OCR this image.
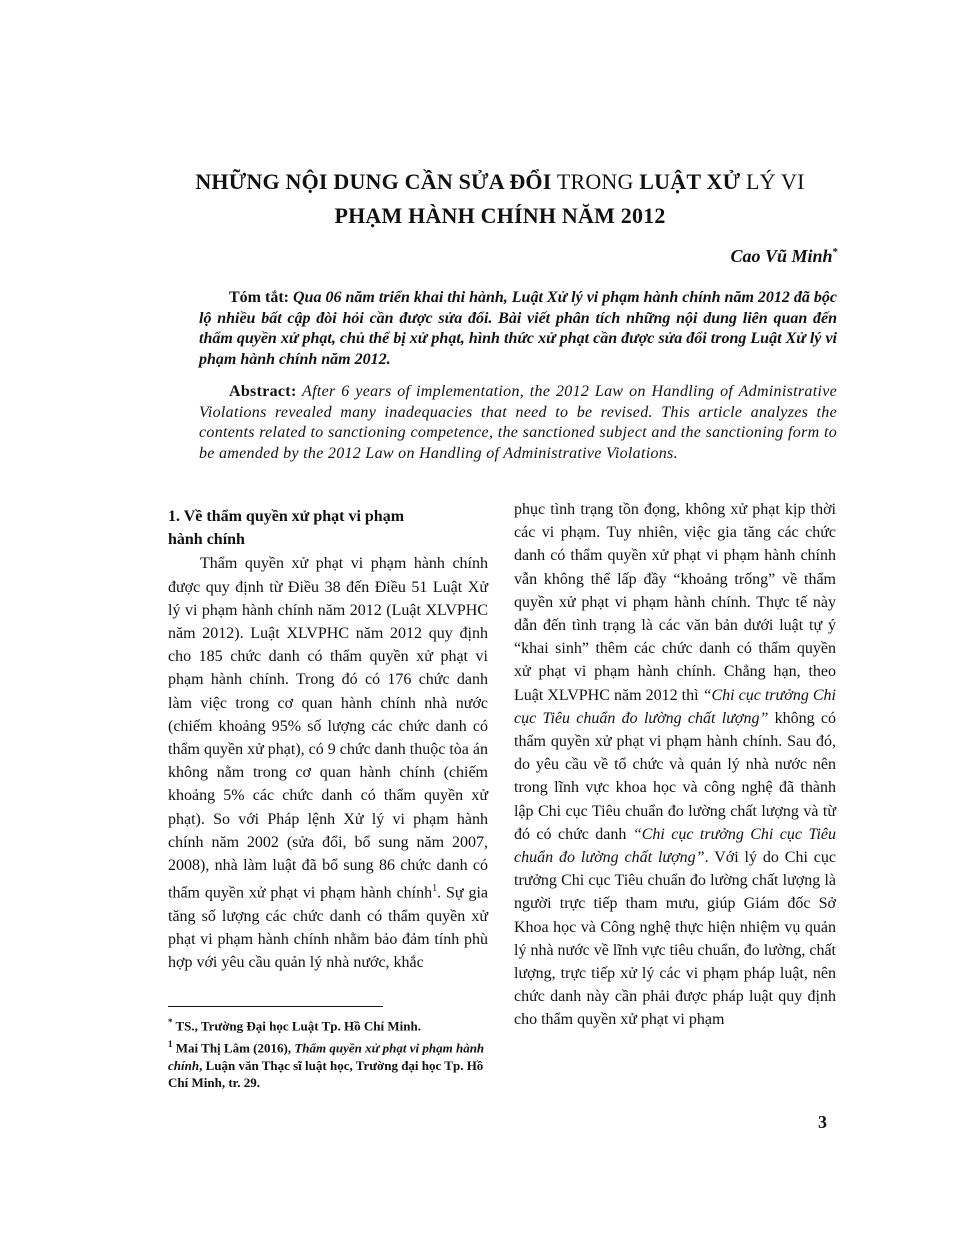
NHỮNG NỘI DUNG CẦN SỬA ĐỔI TRONG LUẬT XỬ LÝ VI
PHẠM HÀNH CHÍNH NĂM 2012
Cao Vũ Minh*
Tóm tắt: Qua 06 năm triển khai thi hành, Luật Xử lý vi phạm hành chính năm 2012 đã bộc lộ nhiều bất cập đòi hỏi cần được sửa đổi. Bài viết phân tích những nội dung liên quan đến thẩm quyền xử phạt, chủ thể bị xử phạt, hình thức xử phạt cần được sửa đổi trong Luật Xử lý vi phạm hành chính năm 2012.
Abstract: After 6 years of implementation, the 2012 Law on Handling of Administrative Violations revealed many inadequacies that need to be revised. This article analyzes the contents related to sanctioning competence, the sanctioned subject and the sanctioning form to be amended by the 2012 Law on Handling of Administrative Violations.
1. Về thẩm quyền xử phạt vi phạm
hành chính

Thẩm quyền xử phạt vi phạm hành chính được quy định từ Điều 38 đến Điều 51 Luật Xử lý vi phạm hành chính năm 2012 (Luật XLVPHC năm 2012). Luật XLVPHC năm 2012 quy định cho 185 chức danh có thẩm quyền xử phạt vi phạm hành chính. Trong đó có 176 chức danh làm việc trong cơ quan hành chính nhà nước (chiếm khoảng 95% số lượng các chức danh có thẩm quyền xử phạt), có 9 chức danh thuộc tòa án không nằm trong cơ quan hành chính (chiếm khoảng 5% các chức danh có thẩm quyền xử phạt). So với Pháp lệnh Xử lý vi phạm hành chính năm 2002 (sửa đổi, bổ sung năm 2007, 2008), nhà làm luật đã bổ sung 86 chức danh có thẩm quyền xử phạt vi phạm hành chính$^1$. Sự gia tăng số lượng các chức danh có thẩm quyền xử phạt vi phạm hành chính nhằm bảo đảm tính phù hợp với yêu cầu quản lý nhà nước, khắc

* TS., Trường Đại học Luật Tp. Hồ Chí Minh.

$^1$ Mai Thị Lâm (2016), Thẩm quyền xử phạt vi phạm hành chính, Luận văn Thạc sĩ luật học, Trường đại học Tp. Hồ Chí Minh, tr. 29.

phục tình trạng tồn đọng, không xử phạt kịp thời các vi phạm. Tuy nhiên, việc gia tăng các chức danh có thẩm quyền xử phạt vi phạm hành chính vẫn không thể lấp đầy “khoảng trống” về thẩm quyền xử phạt vi phạm hành chính. Thực tế này dẫn đến tình trạng là các văn bản dưới luật tự ý “khai sinh” thêm các chức danh có thẩm quyền xử phạt vi phạm hành chính. Chẳng hạn, theo Luật XLVPHC năm 2012 thì “Chi cục trưởng Chi cục Tiêu chuẩn đo lường chất lượng” không có thẩm quyền xử phạt vi phạm hành chính. Sau đó, do yêu cầu về tổ chức và quản lý nhà nước nên trong lĩnh vực khoa học và công nghệ đã thành lập Chi cục Tiêu chuẩn đo lường chất lượng và từ đó có chức danh “Chi cục trưởng Chi cục Tiêu chuẩn đo lường chất lượng”. Với lý do Chi cục trưởng Chi cục Tiêu chuẩn đo lường chất lượng là người trực tiếp tham mưu, giúp Giám đốc Sở Khoa học và Công nghệ thực hiện nhiệm vụ quản lý nhà nước về lĩnh vực tiêu chuẩn, đo lường, chất lượng, trực tiếp xử lý các vi phạm pháp luật, nên chức danh này cần phải được pháp luật quy định cho thẩm quyền xử phạt vi phạm

3
